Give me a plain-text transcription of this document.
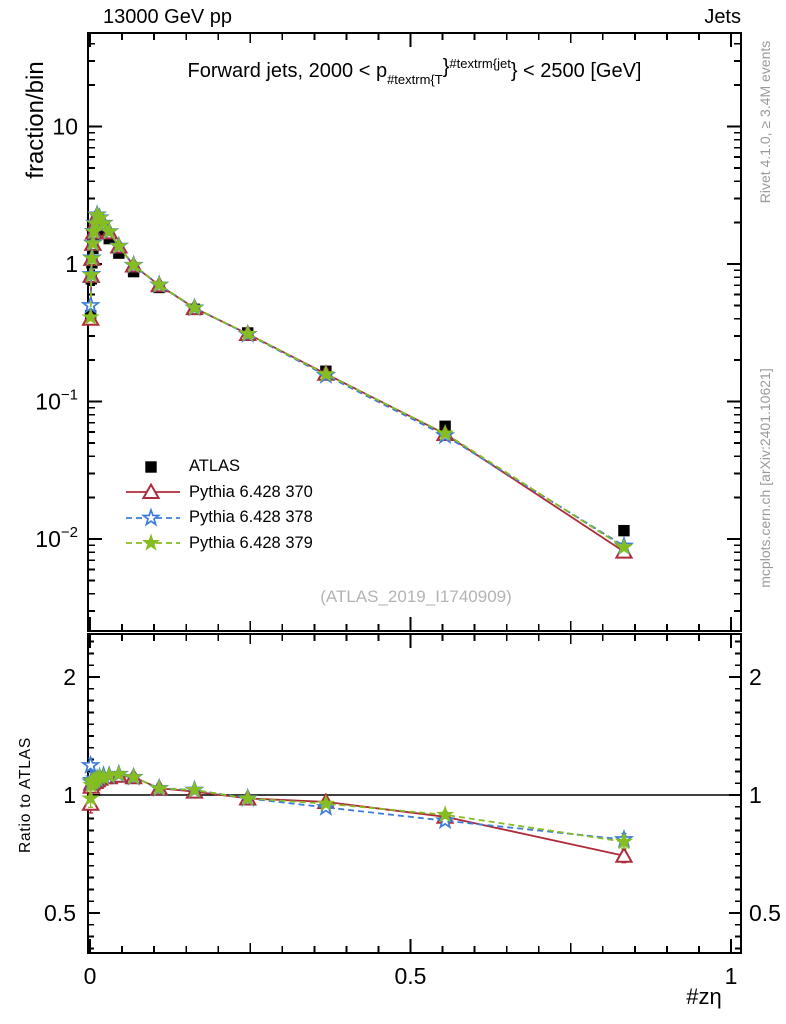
10
1
$10^{-1}$
$10^{-2}$
2	2
1	1
0.5	0.5
0	0.5	1
13000 GeV pp	Jets
Forward jets, $2000 < p_{\#textrm\{T}\}^{\#textrm\{jet}\} < 2500$ [GeV]
fraction/bin
Ratio to ATLAS
#zη
(ATLAS_2019_I1740909)
Rivet 4.1.0, ≥ 3.4M events
mcplots.cern.ch [arXiv:2401.10621]
ATLAS
Pythia 6.428 370
Pythia 6.428 378
Pythia 6.428 379
